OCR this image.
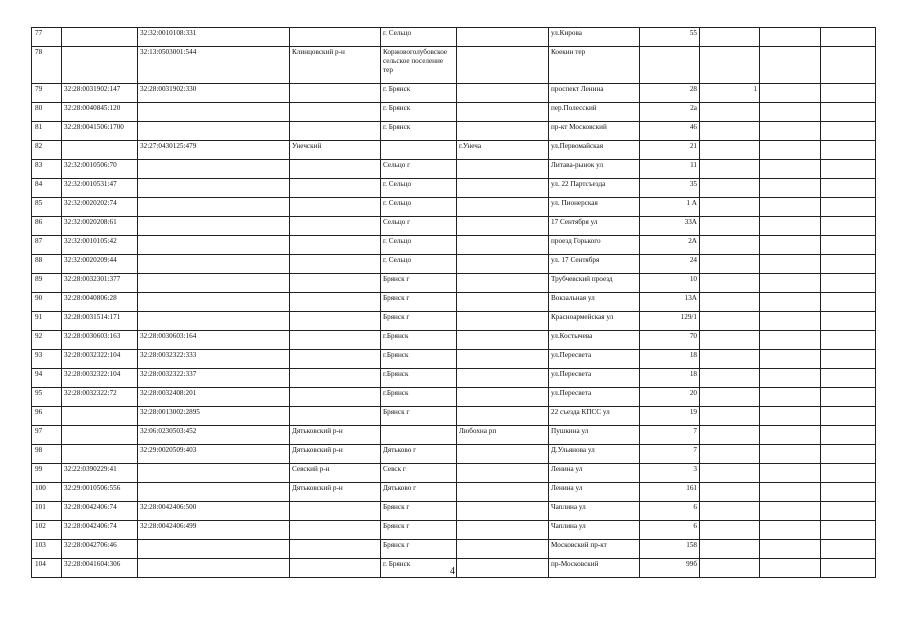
77		32:32:0010108:331		г. Сельцо		ул.Кирова	55			
78		32:13:0503001:544	Клинцовский р-н	Коржовоголубовское сельское поселение тер		Коекин тер				
79	32:28:0031902:147	32:28:0031902:330		г. Брянск		проспект Ленина	28	1		
80	32:28:0040845:120			г. Брянск		пер.Полесский	2а			
81	32:28:0041506:1700			г. Брянск		пр-кт Московский	46			
82		32:27:0430125:479	Унечский		г.Унеча	ул.Первомайская	21			
83	32:32:0010506:70			Сельцо г		Литава-рынок ул	11			
84	32:32:0010531:47			г. Сельцо		ул. 22 Партсъезда	35			
85	32:32:0020202:74			г. Сельцо		ул. Пионерская	1 А			
86	32:32:0020208:61			Сельцо г		17 Сентября ул	33А			
87	32:32:0010105:42			г. Сельцо		проезд Горького	2А			
88	32:32:0020209:44			г. Сельцо		ул. 17 Сентября	24			
89	32:28:0032301:377			Брянск г		Трубчевский проезд	10			
90	32:28:0040806:28			Брянск г		Вокзальная ул	13А			
91	32:28:0031514:171			Брянск г		Красноармейская ул	129/1			
92	32:28:0030603:163	32:28:0030603:164		г.Брянск		ул.Костычева	70			
93	32:28:0032322:104	32:28:0032322:333		г.Брянск		ул.Пересвета	18			
94	32:28:0032322:104	32:28:0032322:337		г.Брянск		ул.Пересвета	18			
95	32:28:0032322:72	32:28:0032408:201		г.Брянск		ул.Пересвета	20			
96		32:28:0013002:2895		Брянск г		22 съезда КПСС ул	19			
97		32:06:0230503:452	Дятьковский р-н		Любохна рп	Пушкина ул	7			
98		32:29:0020509:403	Дятьковский р-н	Дятьково г		Д.Ульянова ул	7			
99	32:22:0390229:41		Севский р-н	Севск г		Ленина ул	3			
100	32:29:0010506:556		Дятьковский р-н	Дятьково г		Ленина ул	161			
101	32:28:0042406:74	32:28:0042406:500		Брянск г		Чаплина ул	6			
102	32:28:0042406:74	32:28:0042406:499		Брянск г		Чаплина ул	6			
103	32:28:0042706:46			Брянск г		Московский пр-кт	158			
104	32:28:0041604:306			г. Брянск		пр-Московский	99б			
4
